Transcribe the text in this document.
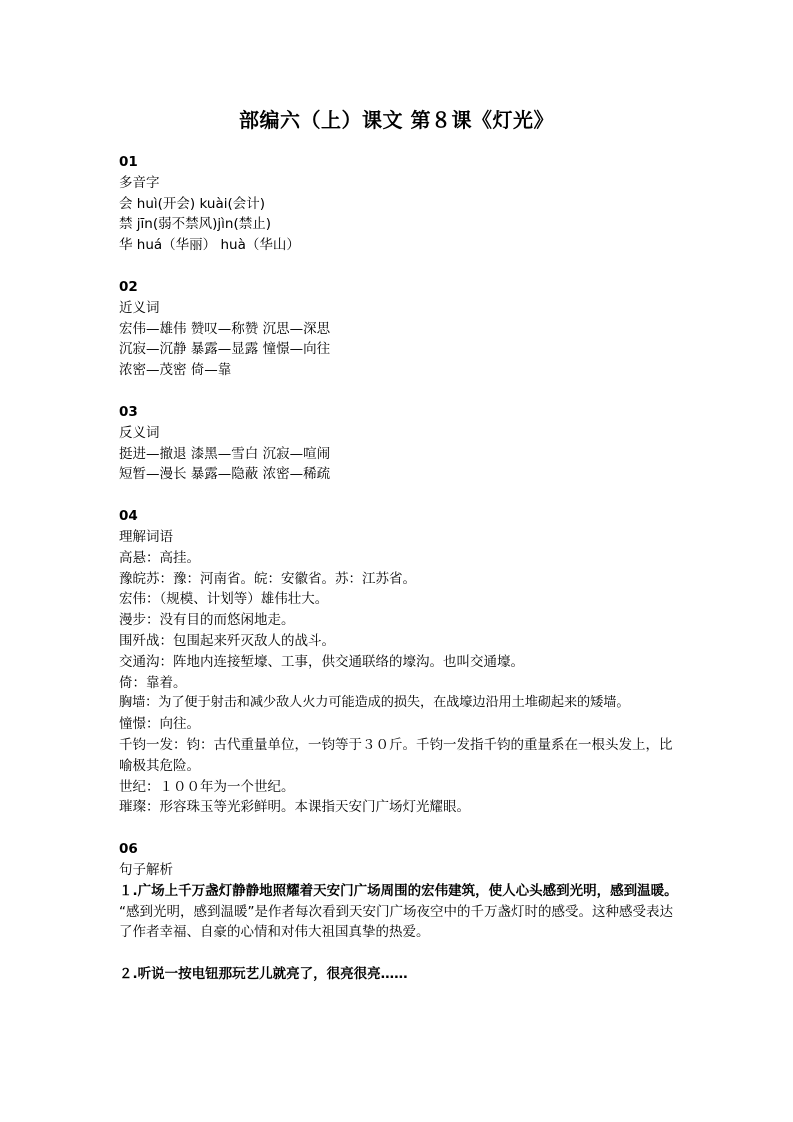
部编六（上）课文 第８课《灯光》
01
多音字
会 huì(开会) kuài(会计)
禁 jīn(弱不禁风)jìn(禁止)
华 huá（华丽） huà（华山）
02
近义词
宏伟—雄伟 赞叹—称赞 沉思—深思
沉寂—沉静 暴露—显露 憧憬—向往
浓密—茂密 倚—靠
03
反义词
挺进—撤退 漆黑—雪白 沉寂—喧闹
短暂—漫长 暴露—隐蔽 浓密—稀疏
04
理解词语
高悬：高挂。
豫皖苏：豫：河南省。皖：安徽省。苏：江苏省。
宏伟：（规模、计划等）雄伟壮大。
漫步：没有目的而悠闲地走。
围歼战：包围起来歼灭敌人的战斗。
交通沟：阵地内连接堑壕、工事，供交通联络的壕沟。也叫交通壕。
倚：靠着。
胸墙：为了便于射击和减少敌人火力可能造成的损失，在战壕边沿用土堆砌起来的矮墙。
憧憬：向往。
千钧一发：钧：古代重量单位，一钧等于３０斤。千钧一发指千钧的重量系在一根头发上，比喻极其危险。
世纪：１００年为一个世纪。
璀璨：形容珠玉等光彩鲜明。本课指天安门广场灯光耀眼。
06
句子解析
１.广场上千万盏灯静静地照耀着天安门广场周围的宏伟建筑，使人心头感到光明，感到温暖。
“感到光明，感到温暖”是作者每次看到天安门广场夜空中的千万盏灯时的感受。这种感受表达了作者幸福、自豪的心情和对伟大祖国真挚的热爱。
２.听说一按电钮那玩艺儿就亮了，很亮很亮……
